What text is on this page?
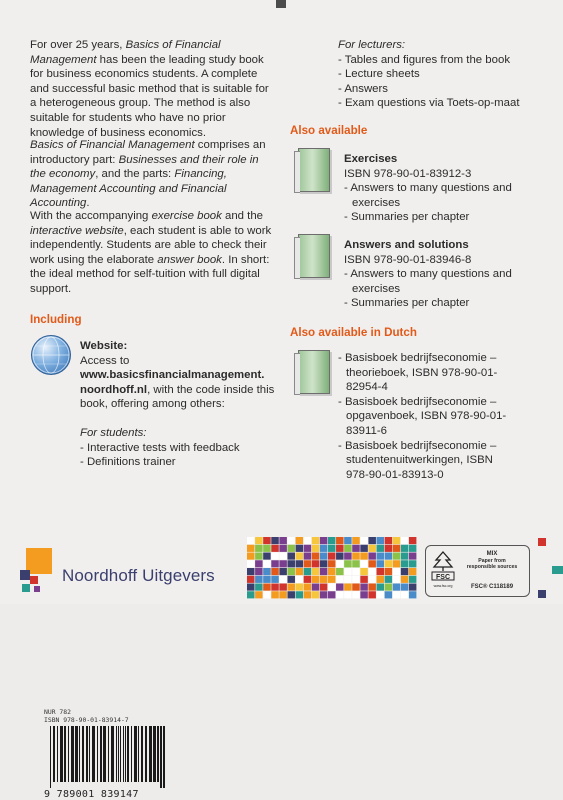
For over 25 years, Basics of Financial Management has been the leading study book for business economics students. A complete and successful basic method that is suitable for a heterogeneous group. The method is also suitable for students who have no prior knowledge of business economics.

Basics of Financial Management comprises an introductory part: Businesses and their role in the economy, and the parts: Financing, Management Accounting and Financial Accounting.

With the accompanying exercise book and the interactive website, each student is able to work independently. Students are able to check their work using the elaborate answer book. In short: the ideal method for self-tuition with full digital support.

Including
Website:
Access to

www.basicsfinancialmanagement.
noordhoff.nl, with the code inside this book, offering among others:

For students:
- Interactive tests with feedback
- Definitions trainer
For lecturers:
- Tables and figures from the book
- Lecture sheets
- Answers
- Exam questions via Toets-op-maat
Also available
Exercises
ISBN 978-90-01-83912-3
- Answers to many questions and exercises
- Summaries per chapter
Answers and solutions
ISBN 978-90-01-83946-8
- Answers to many questions and exercises
- Summaries per chapter
Also available in Dutch
- Basisboek bedrijfseconomie – theorieboek, ISBN 978-90-01-82954-4
- Basisboek bedrijfseconomie – opgavenboek, ISBN 978-90-01-83911-6
- Basisboek bedrijfseconomie – studentenuitwerkingen, ISBN 978-90-01-83913-0
Noordhoff Uitgevers	FSC
www.fsc.org
MIX
Paper from
responsible sources
FSC® C118189
NUR 782
ISBN 978-90-01-83914-7
9 789001 839147
